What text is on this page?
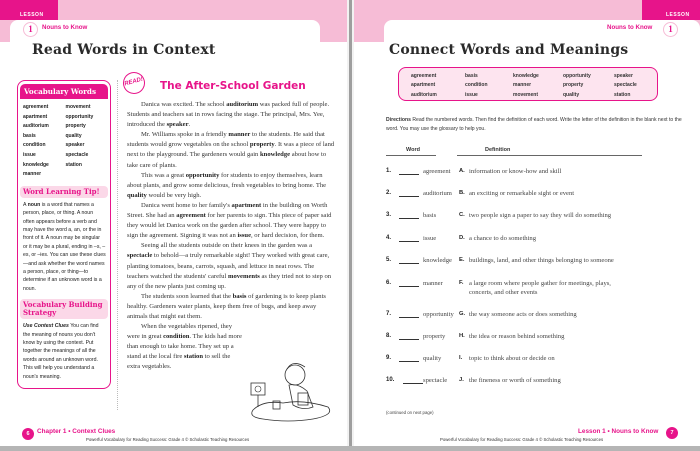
LESSON
1	Nouns to Know
Read Words in Context
Vocabulary Words
agreement	movement
apartment	opportunity
auditorium	property
basis	quality
condition	speaker
issue	spectacle
knowledge	station
manner
Word Learning Tip!
A noun is a word that names a person, place, or thing. A noun often appears before a verb and may have the word a, an, or the in front of it. A noun may be singular or it may be a plural, ending in –s, –es, or –ies. You can use these clues—and ask whether the word names a person, place, or thing—to determine if an unknown word is a noun.
Vocabulary Building Strategy
Use Context Clues You can find the meaning of nouns you don't know by using the context. Put together the meanings of all the words around an unknown word. This will help you understand a noun's meaning.
READ!	The After-School Garden

Danica was excited. The school auditorium was packed full of people. Students and teachers sat in rows facing the stage. The principal, Mrs. Yee, introduced the speaker.

Mr. Williams spoke in a friendly manner to the students. He said that students would grow vegetables on the school property. It was a piece of land next to the playground. The gardeners would gain knowledge about how to take care of plants.

This was a great opportunity for students to enjoy themselves, learn about plants, and grow some delicious, fresh vegetables to bring home. The quality would be very high.

Danica went home to her family's apartment in the building on Worth Street. She had an agreement for her parents to sign. This piece of paper said they would let Danica work on the garden after school. They were happy to sign the agreement. Signing it was not an issue, or hard decision, for them.

Seeing all the students outside on their knees in the garden was a spectacle to behold—a truly remarkable sight! They worked with great care, planting tomatoes, beans, carrots, squash, and lettuce in neat rows. The teachers watched the students' careful movements as they tried not to step on any of the new plants just coming up.

The students soon learned that the basis of gardening is to keep plants healthy. Gardeners water plants, keep them free of bugs, and keep away animals that might eat them.

When the vegetables ripened, they were in great condition. The kids had more than enough to take home. They set up a stand at the local fire station to sell the extra vegetables.

6	Chapter 1 • Context Clues
Powerful Vocabulary for Reading Success: Grade 4 © Scholastic Teaching Resources
LESSON
Nouns to Know	1
Connect Words and Meanings
agreement	basis	knowledge	opportunity	speaker
apartment	condition	manner	property	spectacle
auditorium	issue	movement	quality	station
Directions Read the numbered words. Then find the definition of each word. Write the letter of the definition in the blank next to the word. You may use the glossary to help you.
Word	Definition
1.	agreement A. information or know-how and skill
2.	auditorium B. an exciting or remarkable sight or event
3.	basis	C. two people sign a paper to say they will do something
4.	issue	D. a chance to do something
5.	knowledge E. buildings, land, and other things belonging to someone
6.	manner	F. a large room where people gather for meetings, plays, concerts, and other events
7.	opportunity G. the way someone acts or does something
8.	property H. the idea or reason behind something
9.	quality	I. topic to think about or decide on
10.	spectacle J. the fineness or worth of something
(continued on next page)
Lesson 1 • Nouns to Know	7
Powerful Vocabulary for Reading Success: Grade 4 © Scholastic Teaching Resources
